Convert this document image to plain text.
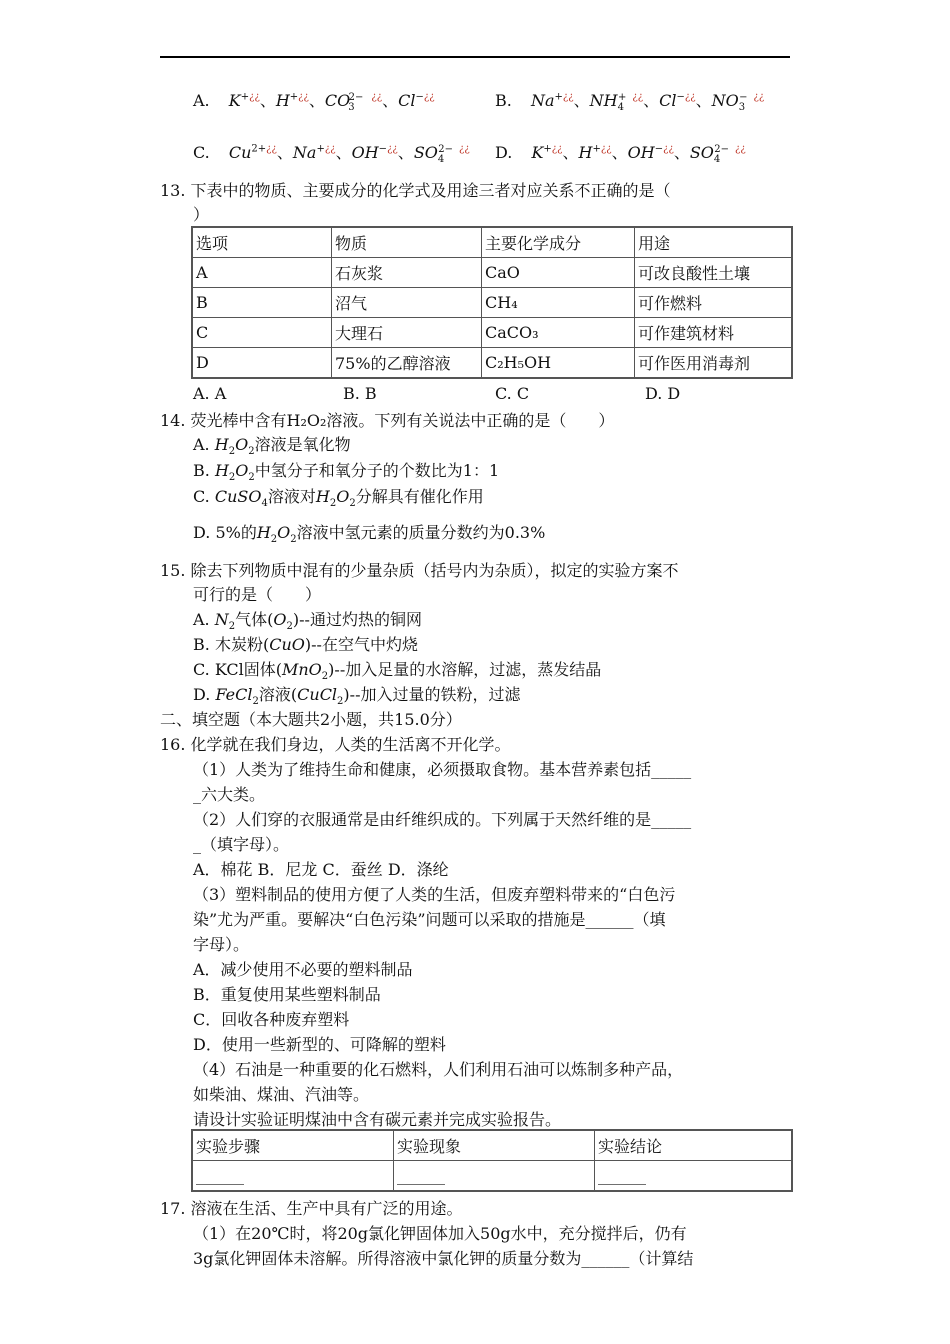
A. K+¿¿、H+¿¿、$CO_3^{2-}$ ¿¿、Cl−¿¿	B. Na+¿¿、$NH_4^+$ ¿¿、Cl−¿¿、$NO_3^-$ ¿¿
C. $Cu^{2+¿¿}$、Na+¿¿、OH−¿¿、$SO_4^{2-}$ ¿¿ D. K+¿¿、H+¿¿、OH−¿¿、$SO_4^{2-}$ ¿¿
13. 下表中的物质、主要成分的化学式及用途三者对应关系不正确的是（
）
选项	物质	主要化学成分	用途
A	石灰浆	CaO	可改良酸性土壤
B	沼气	CH₄	可作燃料
C	大理石	CaCO₃	可作建筑材料
D	75%的乙醇溶液	C₂H₅OH	可作医用消毒剂
A. A	B. B	C. C	D. D
14. 荧光棒中含有H₂O₂溶液。下列有关说法中正确的是（　　）
A. $H_2O_2$溶液是氧化物
B. $H_2O_2$中氢分子和氧分子的个数比为1：1
C. CuSO$_4$溶液对$H_2O_2$分解具有催化作用
D. 5%的$H_2O_2$溶液中氢元素的质量分数约为0.3%
15. 除去下列物质中混有的少量杂质（括号内为杂质），拟定的实验方案不
可行的是（　　）
A. $N_2$气体$(O_2)--$通过灼热的铜网
B. 木炭粉(CuO)--在空气中灼烧
C. KCl固体(MnO$_2$)--加入足量的水溶解，过滤，蒸发结晶
D. FeCl$_2$溶液(CuCl$_2$)--加入过量的铁粉，过滤
二、填空题（本大题共2小题，共15.0分）
16. 化学就在我们身边，人类的生活离不开化学。
（1）人类为了维持生命和健康，必须摄取食物。基本营养素包括_____
_六大类。
（2）人们穿的衣服通常是由纤维织成的。下列属于天然纤维的是_____
_（填字母）。
A．棉花 B．尼龙 C．蚕丝 D．涤纶
（3）塑料制品的使用方便了人类的生活，但废弃塑料带来的“白色污
染”尤为严重。要解决“白色污染”问题可以采取的措施是______（填
字母）。
A．减少使用不必要的塑料制品
B．重复使用某些塑料制品
C．回收各种废弃塑料
D．使用一些新型的、可降解的塑料
（4）石油是一种重要的化石燃料，人们利用石油可以炼制多种产品，
如柴油、煤油、汽油等。
请设计实验证明煤油中含有碳元素并完成实验报告。
实验步骤	实验现象	实验结论
______	______	______
17. 溶液在生活、生产中具有广泛的用途。
（1）在20℃时，将20g氯化钾固体加入50g水中，充分搅拌后，仍有
3g氯化钾固体未溶解。所得溶液中氯化钾的质量分数为______（计算结
